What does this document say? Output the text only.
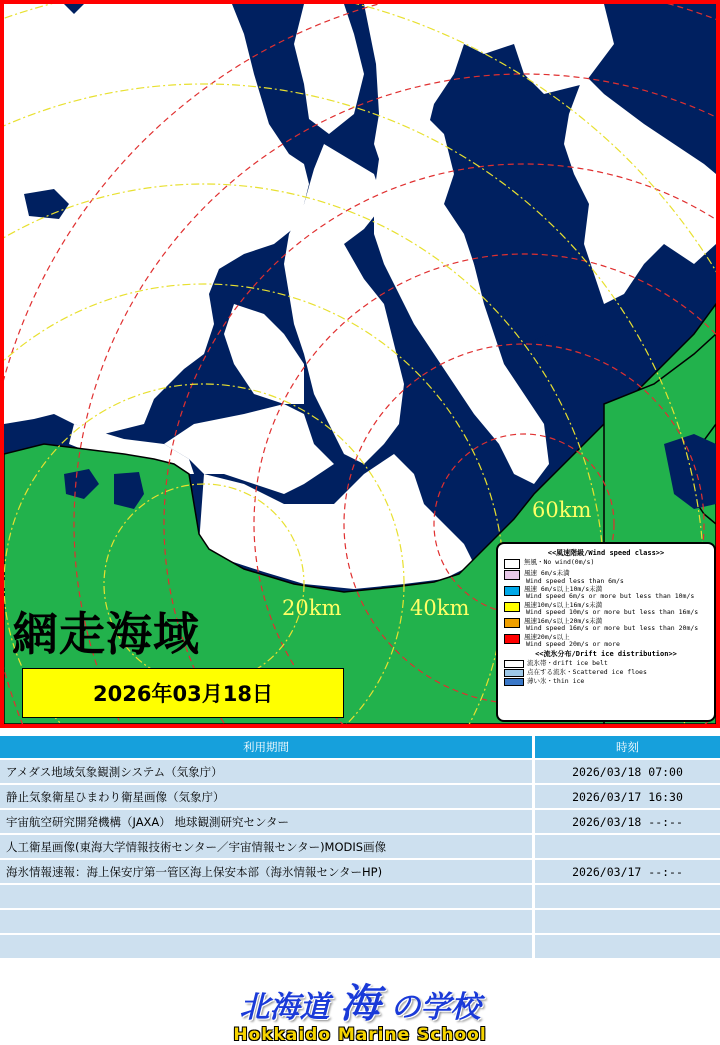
網走海域
2026年03月18日
20km	40km
60km
<<風速階級/Wind speed class>>
無風・No wind(0m/s)
風速 6m/s未満
Wind speed less than 6m/s
風速 6m/s以上10m/s未満
Wind speed 6m/s or more but less than 10m/s
風速10m/s以上16m/s未満
Wind speed 10m/s or more but less than 16m/s
風速16m/s以上20m/s未満
Wind speed 16m/s or more but less than 20m/s
風速20m/s以上
Wind speed 20m/s or more
<<流氷分布/Drift ice distribution>>
流氷帯・drift ice belt
点在する流氷・Scattered ice floes
薄い氷・thin ice
利用期間	時刻
アメダス地域気象観測システム（気象庁）	2026/03/18 07:00
静止気象衛星ひまわり衛星画像（気象庁）	2026/03/17 16:30
宇宙航空研究開発機構（JAXA） 地球観測研究センター	2026/03/18 --:--
人工衛星画像(東海大学情報技術センター／宇宙情報センター)MODIS画像	
海氷情報速報：海上保安庁第一管区海上保安本部（海氷情報センターHP)	2026/03/17 --:--

北海道 海 の学校
Hokkaido Marine School
